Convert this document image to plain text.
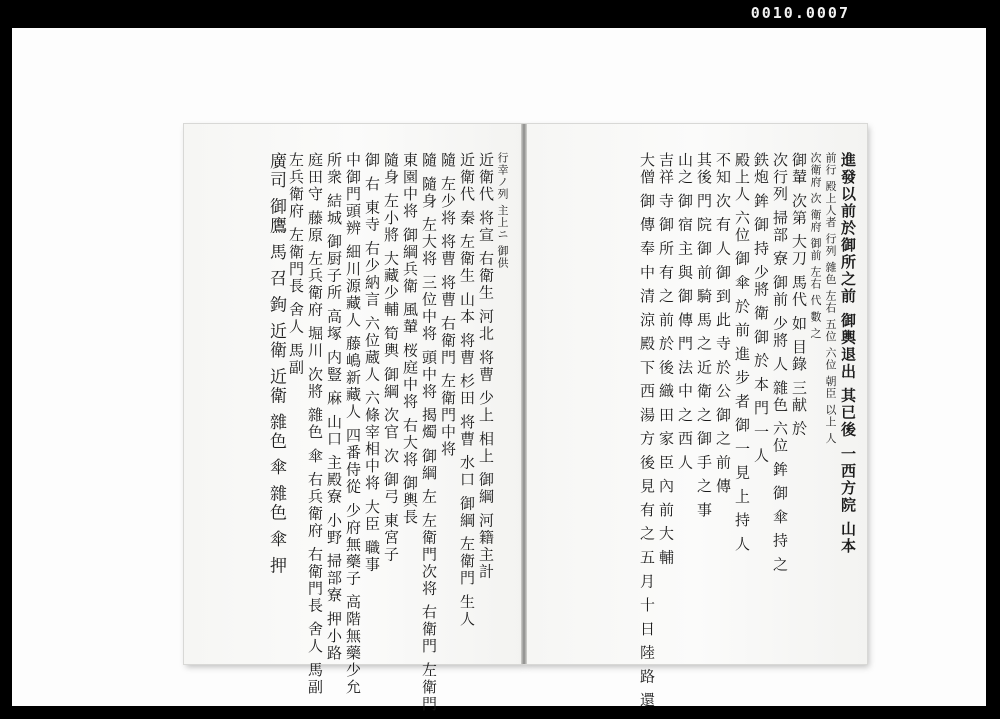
0010.0007
行幸ノ列 主上ニ 御供
近衛代 将宣 右衛生 河北 将曹 少上 相上 御綱 河籍主計
近衛代 秦 左衛生 山本 将曹 杉田 将曹 水口 御綱 左衛門 生人
隨 左少将 将曹 将曹 右衛門 左衛門中将
隨 隨身 左大将 三位中将 頭中将 揭燭 御綱 左 左衛門次将 右衛門 左衛門
東園中将 御綱兵衛 風輦 桜庭中将 右大将 御輿長
隨身 左小將 大藏少輔 筍輿 御綱 次官 次 御弓 東宮子
御 右 東寺 右少納言 六位蔵人 六條宰相中将 大臣 職事
中御門頭辨 細川源藏人 藤嶋新藏人 四番侍從 少府無藥子 高階無藥少允
所衆 結城 御厨子所 高塚 内豎 麻 山口 主殿寮 小野 掃部寮 押小路
庭田守 藤原 左兵衛府 堀川 次將 雜色 傘 右兵衛府 右衛門長 舍人 馬副
左兵衛府 左衛門長 舍人 馬副
廣司 御鷹 馬 召 鉤 近衛 近衛 雜色 傘 雜色 傘 押	進發以前於御所之前 御輿退出 其已後 一西方院 山本
前行 殿上人者 行列 雜色 左右 五位 六位 朝臣 以上 人
次衛府 次 衛府 御前 左右 代 數 之
御輦 次第 大刀 馬代 如 目錄 三献 於
次行列 掃部 寮 御前 少將 人 雜色 六位 鉾 御 傘 持 之
鉄炮 鉾 御 持 少將 衛 御 於 本 門 一 人
殿上人 六位 御 傘 於 前 進 步 者 御 一 見 上 持 人
不知 次 有 人 御 到 此 寺 於 公 御 之 前 傳
其後 門 院 御 前 騎 馬 之 近 衛 之 御 手 之 事
山之 御 宿 主 與 御 傳 門 法 中 之 西 人
吉祥 寺 御 所 有 之 前 於 後 織 田 家 臣 內 前 大 輔
大僧 御 傳 奉 中 清 涼 殿 下 西 湯 方 後 見 有 之 五 月 十 日 陸 路 還
